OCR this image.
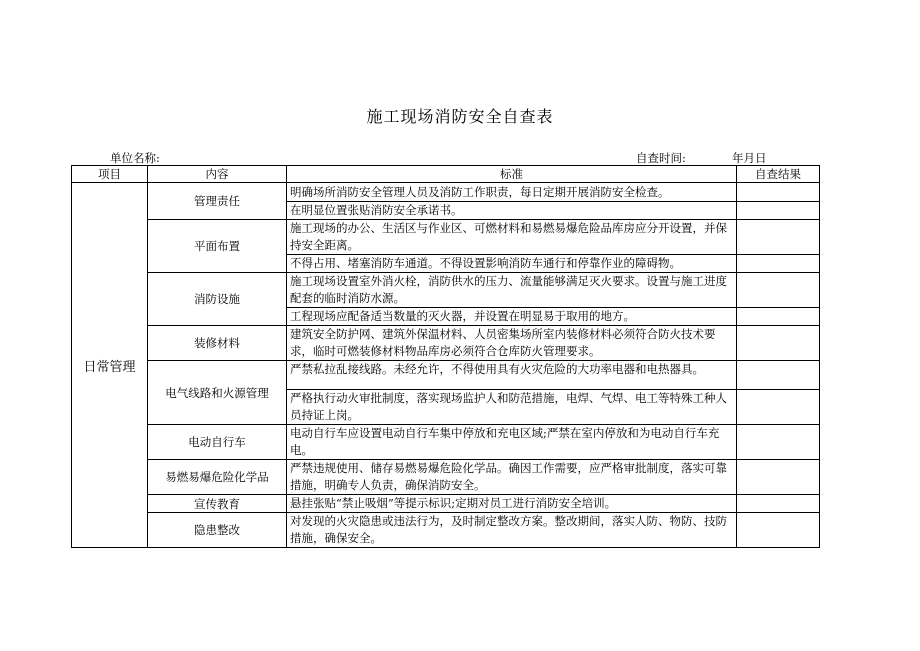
施工现场消防安全自查表
单位名称:	自查时间:	年月日
项目	内容	标准	自查结果
日常管理	管理责任	明确场所消防安全管理人员及消防工作职责，每日定期开展消防安全检查。	
		在明显位置张贴消防安全承诺书。	
	平面布置	施工现场的办公、生活区与作业区、可燃材料和易燃易爆危险品库房应分开设置，并保持安全距离。	
		不得占用、堵塞消防车通道。不得设置影响消防车通行和停靠作业的障碍物。	
	消防设施	施工现场设置室外消火栓，消防供水的压力、流量能够满足灭火要求。设置与施工进度配套的临时消防水源。	
		工程现场应配备适当数量的灭火器，并设置在明显易于取用的地方。	
	装修材料	建筑安全防护网、建筑外保温材料、人员密集场所室内装修材料必须符合防火技术要求，临时可燃装修材料物品库房必须符合仓库防火管理要求。	
	电气线路和火源管理	严禁私拉乱接线路。未经允许，不得使用具有火灾危险的大功率电器和电热器具。	
		严格执行动火审批制度，落实现场监护人和防范措施，电焊、气焊、电工等特殊工种人员持证上岗。	
	电动自行车	电动自行车应设置电动自行车集中停放和充电区域;严禁在室内停放和为电动自行车充电。	
	易燃易爆危险化学品	严禁违规使用、储存易燃易爆危险化学品。确因工作需要，应严格审批制度，落实可靠措施，明确专人负责，确保消防安全。	
	宣传教育	悬挂张贴“禁止吸烟”等提示标识;定期对员工进行消防安全培训。	
	隐患整改	对发现的火灾隐患或违法行为，及时制定整改方案。整改期间，落实人防、物防、技防措施，确保安全。	
